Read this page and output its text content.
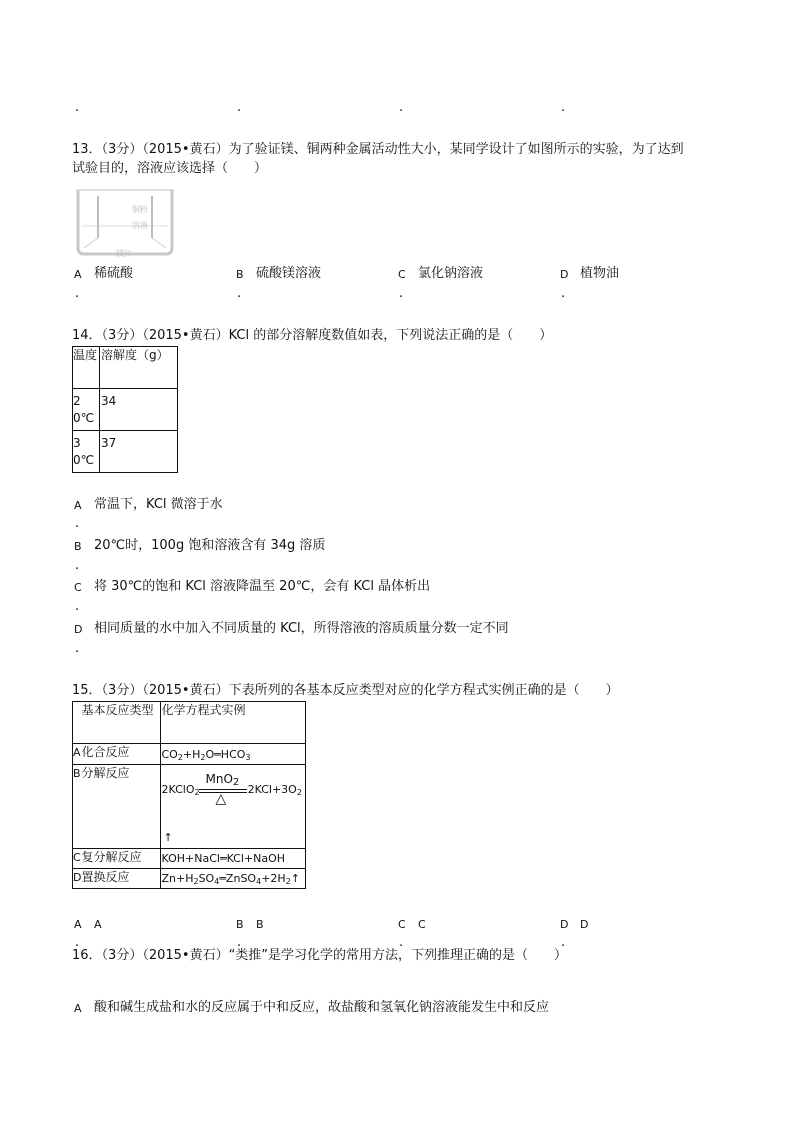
.	.	.	.
13．（3分）（2015•黄石）为了验证镁、铜两种金属活动性大小，某同学设计了如图所示的实验，为了达到
试验目的，溶液应该选择（　　）
铜粉
溶液
镁片
A 稀硫酸
.
B 硫酸镁溶液
.
C 氯化钠溶液
.
D 植物油
.
14．（3分）（2015•黄石）KCl 的部分溶解度数值如表，下列说法正确的是（　　）
温度	溶解度（g）
20℃	34
30℃	37
A 常温下，KCl 微溶于水
.
B 20℃时，100g 饱和溶液含有 34g 溶质
.
C 将 30℃的饱和 KCl 溶液降温至 20℃，会有 KCl 晶体析出
.
D 相同质量的水中加入不同质量的 KCl，所得溶液的溶质质量分数一定不同
.
15．（3分）（2015•黄石）下表所列的各基本反应类型对应的化学方程式实例正确的是（　　）
	基本反应类型	化学方程式实例
A	化合反应	$CO_2+H_2O═HCO_3$
B	分解反应	MnO$_2$
△
2KClO$_2$ $2KCl+3O_2$
↑

C	复分解反应	KOH+NaCl═KCl+NaOH
D	置换反应	$Zn+H_2SO_4═ZnSO_4+2H_2↑$
A A
.
B B
.
C C
.
D D
.
16．（3分）（2015•黄石）“类推”是学习化学的常用方法，下列推理正确的是（　　）
A 酸和碱生成盐和水的反应属于中和反应，故盐酸和氢氧化钠溶液能发生中和反应
